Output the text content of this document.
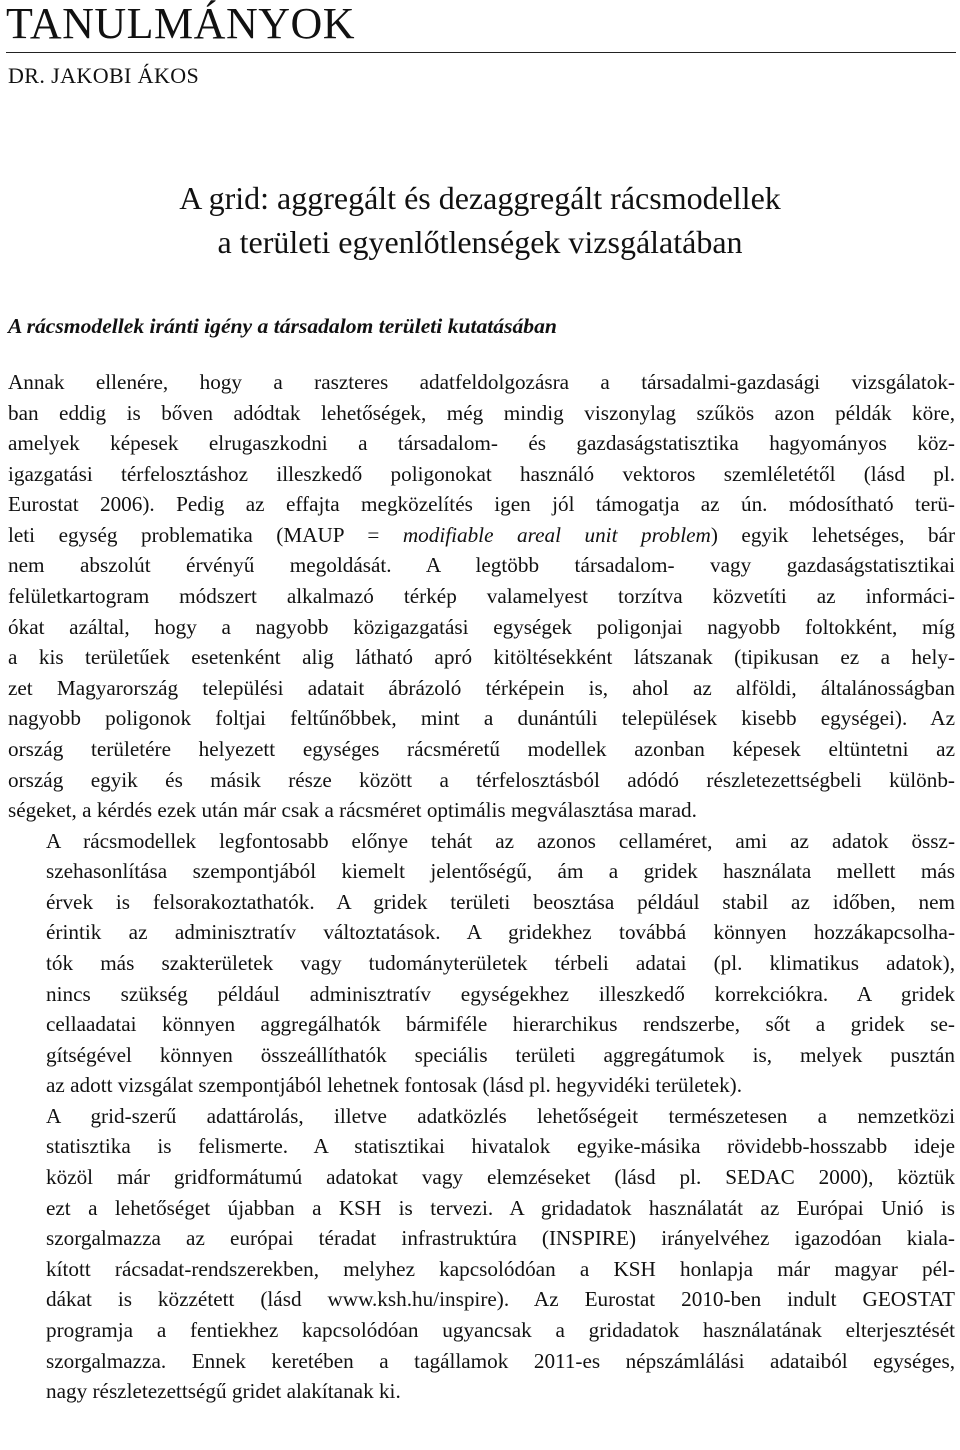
TANULMÁNYOK
DR. JAKOBI ÁKOS
A grid: aggregált és dezaggregált rácsmodellek
a területi egyenlőtlenségek vizsgálatában
A rácsmodellek iránti igény a társadalom területi kutatásában

Annak ellenére, hogy a raszteres adatfeldolgozásra a társadalmi-gazdasági vizsgálatok-
ban eddig is bőven adódtak lehetőségek, még mindig viszonylag szűkös azon példák köre,
amelyek képesek elrugaszkodni a társadalom- és gazdaságstatisztika hagyományos köz-
igazgatási térfelosztáshoz illeszkedő poligonokat használó vektoros szemléletétől (lásd pl.
Eurostat 2006). Pedig az effajta megközelítés igen jól támogatja az ún. módosítható terü-
leti egység problematika (MAUP = modifiable areal unit problem) egyik lehetséges, bár
nem abszolút érvényű megoldását. A legtöbb társadalom- vagy gazdaságstatisztikai
felületkartogram módszert alkalmazó térkép valamelyest torzítva közvetíti az informáci-
ókat azáltal, hogy a nagyobb közigazgatási egységek poligonjai nagyobb foltokként, míg
a kis területűek esetenként alig látható apró kitöltésekként látszanak (tipikusan ez a hely-
zet Magyarország települési adatait ábrázoló térképein is, ahol az alföldi, általánosságban
nagyobb poligonok foltjai feltűnőbbek, mint a dunántúli települések kisebb egységei). Az
ország területére helyezett egységes rácsméretű modellek azonban képesek eltüntetni az
ország egyik és másik része között a térfelosztásból adódó részletezettségbeli különb-
ségeket, a kérdés ezek után már csak a rácsméret optimális megválasztása marad.

A rácsmodellek legfontosabb előnye tehát az azonos cellaméret, ami az adatok össz-
szehasonlítása szempontjából kiemelt jelentőségű, ám a gridek használata mellett más
érvek is felsorakoztathatók. A gridek területi beosztása például stabil az időben, nem
érintik az adminisztratív változtatások. A gridekhez továbbá könnyen hozzákapcsolha-
tók más szakterületek vagy tudományterületek térbeli adatai (pl. klimatikus adatok),
nincs szükség például adminisztratív egységekhez illeszkedő korrekciókra. A gridek
cellaadatai könnyen aggregálhatók bármiféle hierarchikus rendszerbe, sőt a gridek se-
gítségével könnyen összeállíthatók speciális területi aggregátumok is, melyek pusztán
az adott vizsgálat szempontjából lehetnek fontosak (lásd pl. hegyvidéki területek).

A grid-szerű adattárolás, illetve adatközlés lehetőségeit természetesen a nemzetközi
statisztika is felismerte. A statisztikai hivatalok egyike-másika rövidebb-hosszabb ideje
közöl már gridformátumú adatokat vagy elemzéseket (lásd pl. SEDAC 2000), köztük
ezt a lehetőséget újabban a KSH is tervezi. A gridadatok használatát az Európai Unió is
szorgalmazza az európai téradat infrastruktúra (INSPIRE) irányelvéhez igazodóan kiala-
kított rácsadat-rendszerekben, melyhez kapcsolódóan a KSH honlapja már magyar pél-
dákat is közzétett (lásd www.ksh.hu/inspire). Az Eurostat 2010-ben indult GEOSTAT
programja a fentiekhez kapcsolódóan ugyancsak a gridadatok használatának elterjesztését
szorgalmazza. Ennek keretében a tagállamok 2011-es népszámlálási adataiból egységes,
nagy részletezettségű gridet alakítanak ki.
